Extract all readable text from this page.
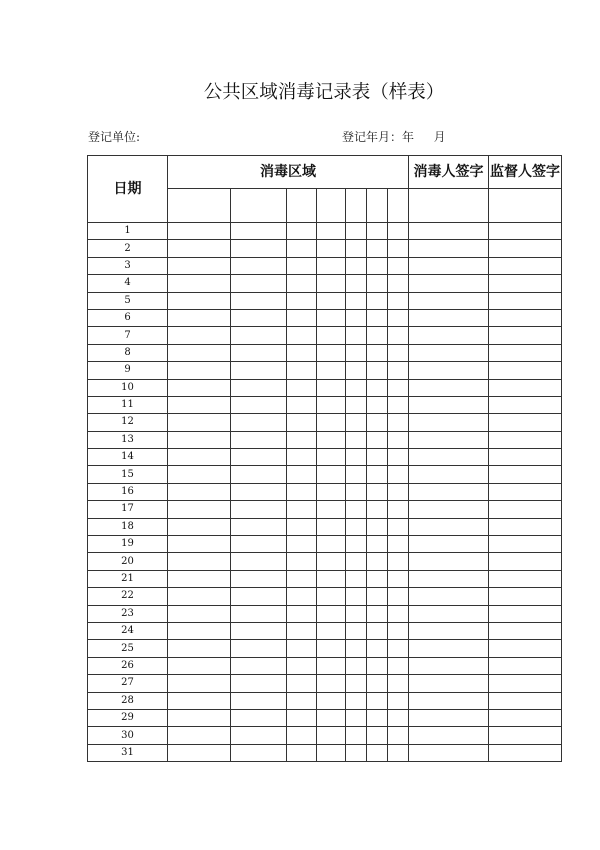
公共区域消毒记录表（样表）
登记单位:	登记年月：年  月
日期	消毒区域							消毒人签字	监督人签字

1									
2									
3									
4									
5									
6									
7									
8									
9									
10									
11									
12									
13									
14									
15									
16									
17									
18									
19									
20									
21									
22									
23									
24									
25									
26									
27									
28									
29									
30									
31									
